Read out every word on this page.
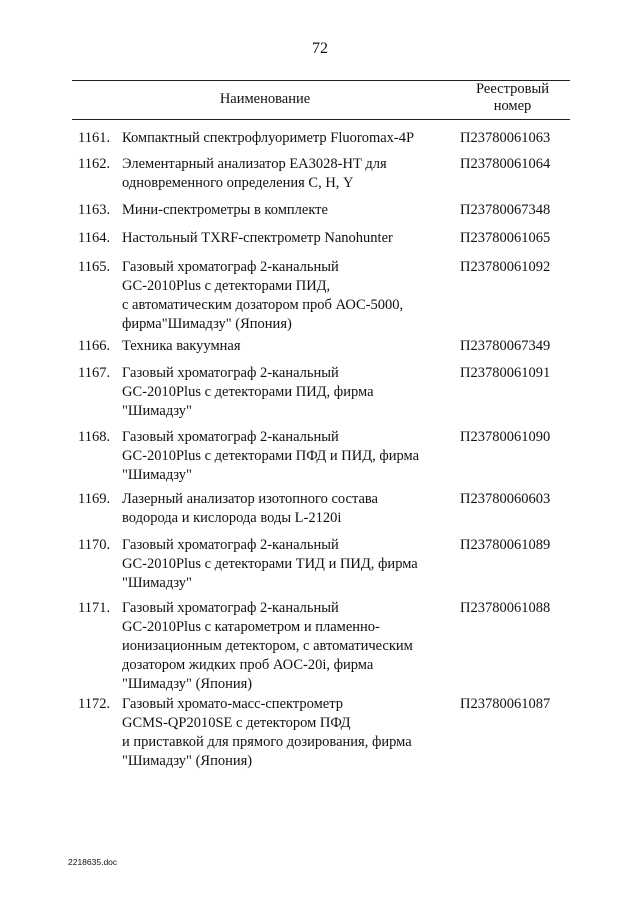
72
Наименование
Реестровый
номер
1161. Компактный спектрофлуориметр Fluoromax-4P	П23780061063
1162. Элементарный анализатор ЕА3028-НТ для
одновременного определения С, Н, Y
П23780061064
1163. Мини-спектрометры в комплекте	П23780067348
1164. Настольный TXRF-спектрометр Nanohunter	П23780061065
1165. Газовый хроматограф 2-канальный
GC-2010Plus с детекторами ПИД,
с автоматическим дозатором проб АОС-5000,
фирма"Шимадзу" (Япония)
П23780061092
1166. Техника вакуумная	П23780067349
1167. Газовый хроматограф 2-канальный
GC-2010Plus с детекторами ПИД, фирма
"Шимадзу"
П23780061091
1168. Газовый хроматограф 2-канальный
GC-2010Plus с детекторами ПФД и ПИД, фирма
"Шимадзу"
П23780061090
1169. Лазерный анализатор изотопного состава
водорода и кислорода воды L-2120i
П23780060603
1170. Газовый хроматограф 2-канальный
GC-2010Plus с детекторами ТИД и ПИД, фирма
"Шимадзу"
П23780061089
1171. Газовый хроматограф 2-канальный
GC-2010Plus с катарометром и пламенно-
ионизационным детектором, с автоматическим
дозатором жидких проб АОС-20i, фирма
"Шимадзу" (Япония)
П23780061088
1172. Газовый хромато-масс-спектрометр
GCMS-QP2010SE с детектором ПФД
и приставкой для прямого дозирования, фирма
"Шимадзу" (Япония)
П23780061087
2218635.doc
